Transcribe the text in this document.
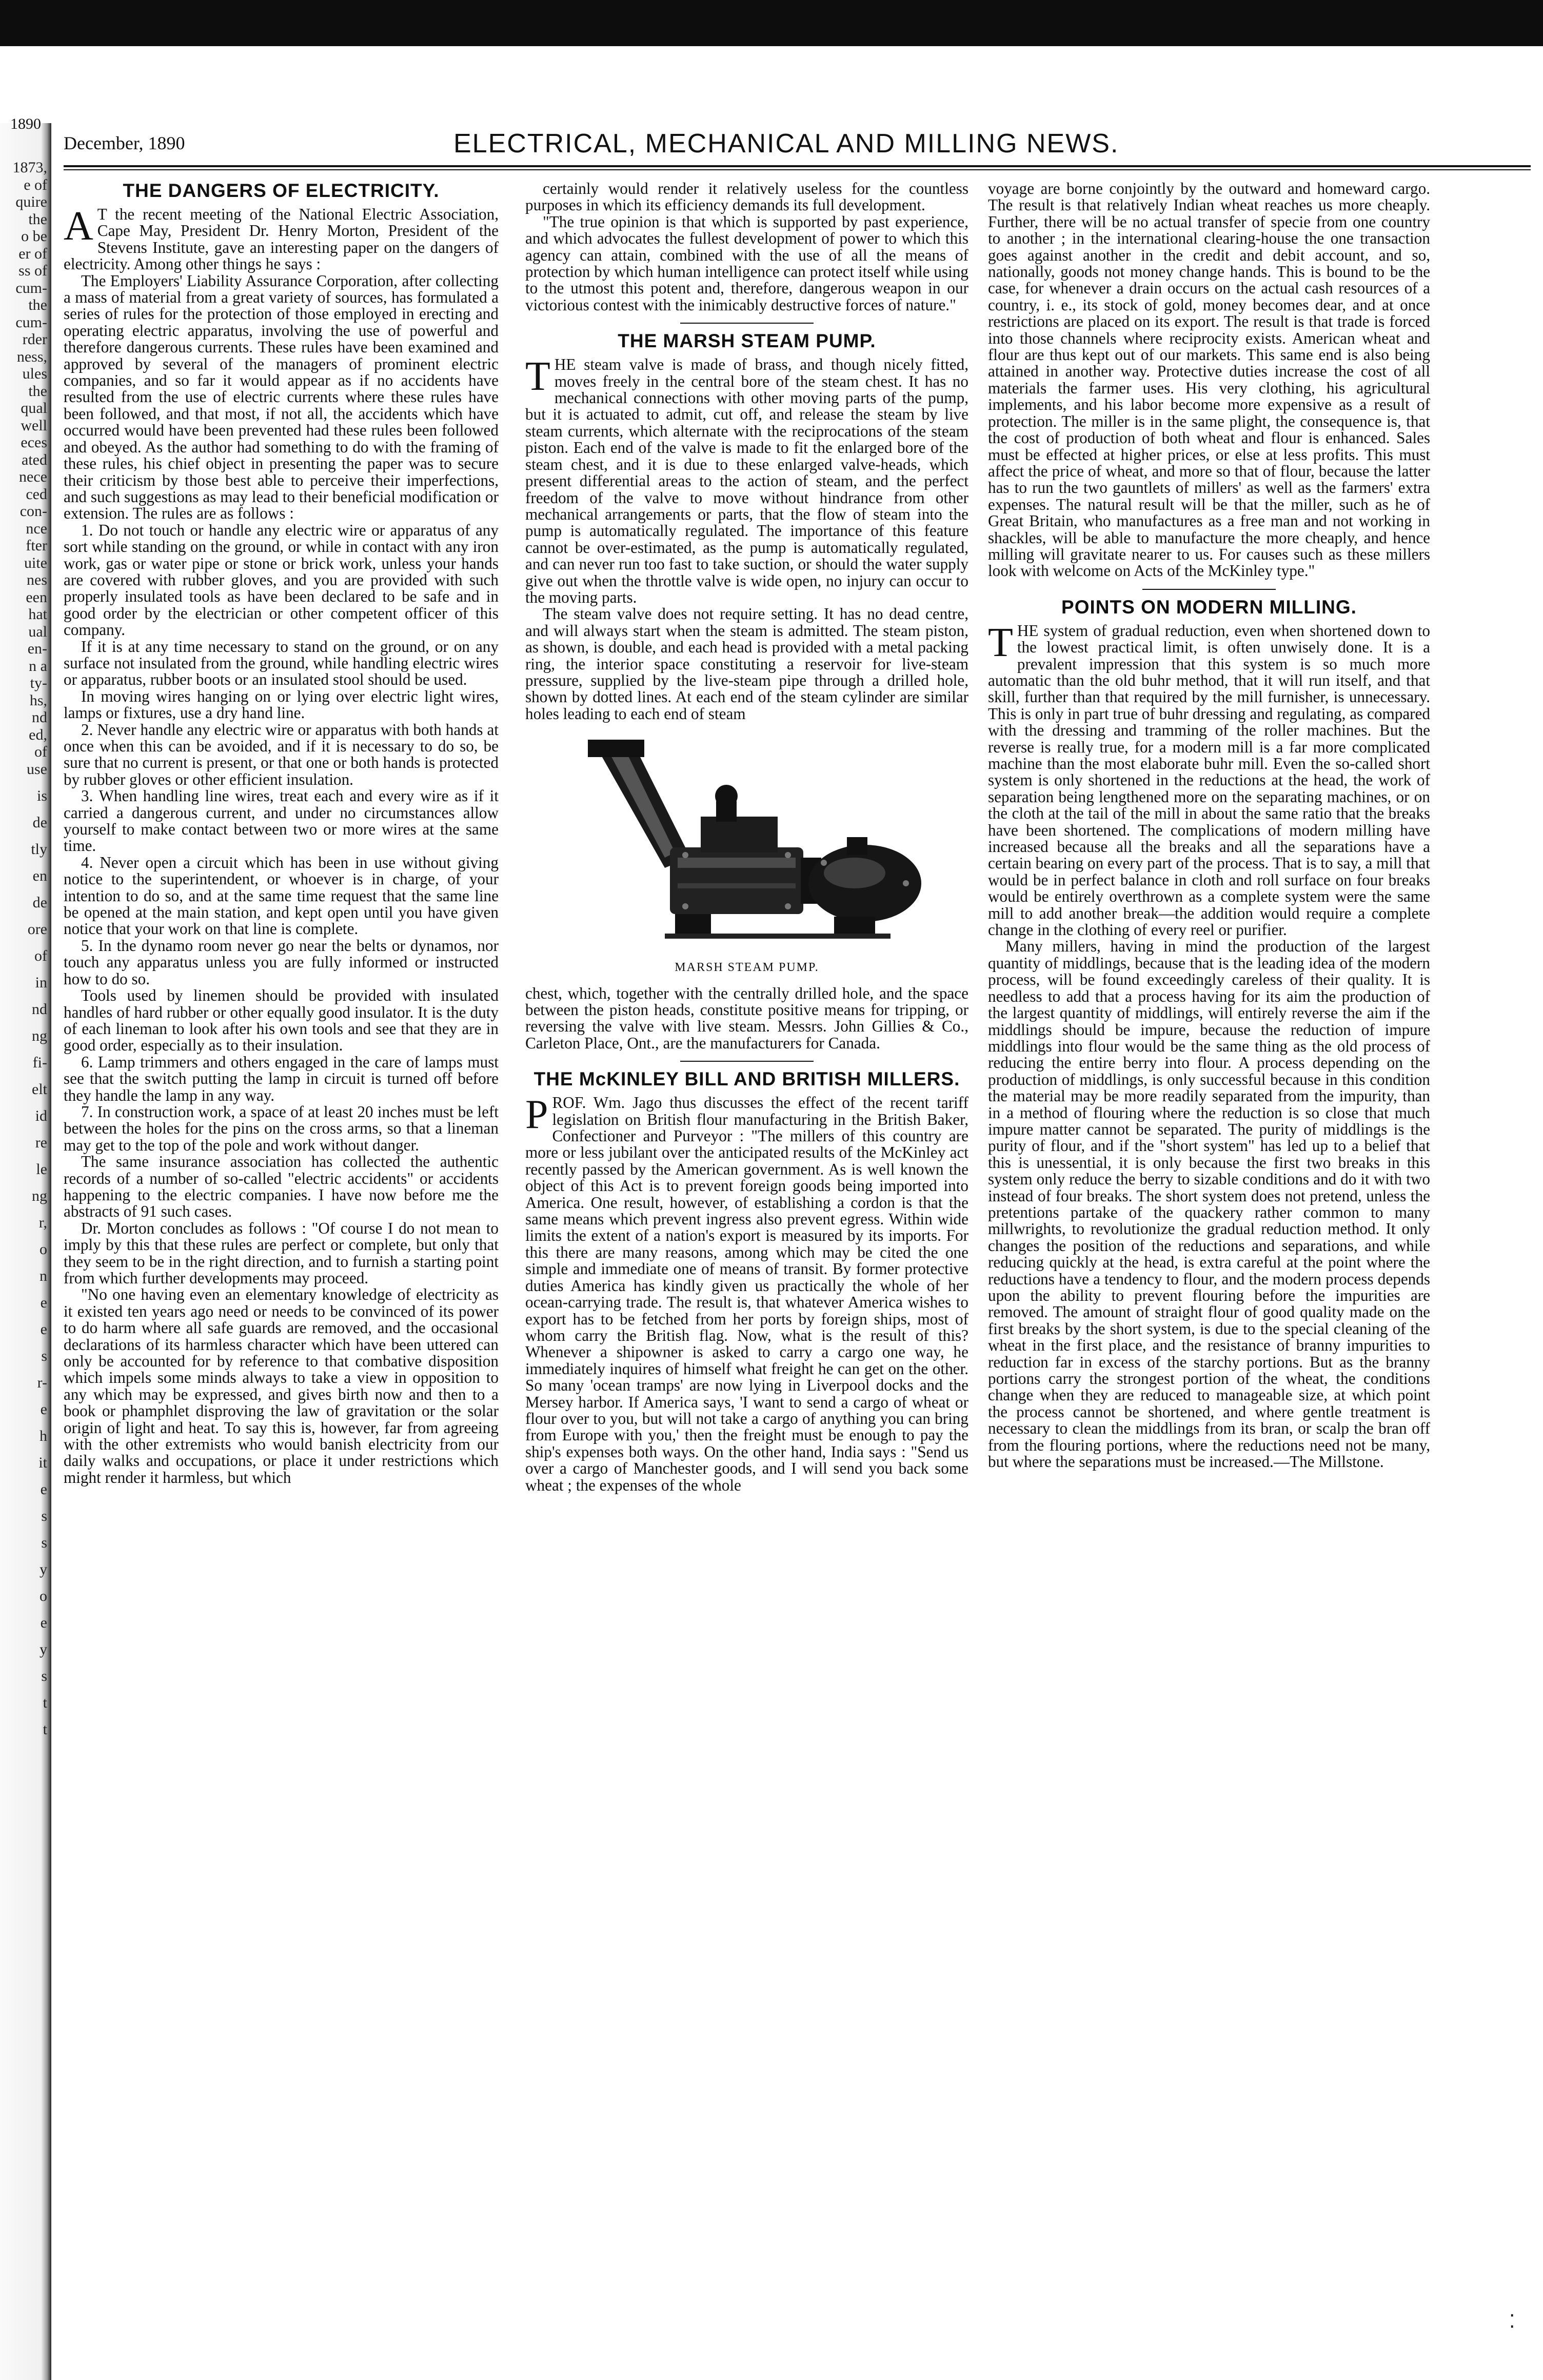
1890
1873,
e of
quire
the
o be
er of
ss of
cum-
the
cum-
rder
ness,
ules
the
qual
well
eces
ated
nece
ced
con-
nce
fter
uite
nes
een
hat
ual
en-
n a
ty-
hs,
nd
ed,
of
use
is
de
tly
en
de
ore
of
in
nd
ng
fi-
elt
id
re
le
ng
r,
o
n
e
e
s
r-
e
h
it
e
s
s
y
o
e
y
s
t
t
December, 1890	ELECTRICAL, MECHANICAL AND MILLING NEWS.
THE DANGERS OF ELECTRICITY.

A T the recent meeting of the National Electric Association, Cape May, President Dr. Henry Morton, President of the Stevens Institute, gave an interesting paper on the dangers of electricity. Among other things he says :

The Employers' Liability Assurance Corporation, after collecting a mass of material from a great variety of sources, has formulated a series of rules for the protection of those employed in erecting and operating electric apparatus, involving the use of powerful and therefore dangerous currents. These rules have been examined and approved by several of the managers of prominent electric companies, and so far it would appear as if no accidents have resulted from the use of electric currents where these rules have been followed, and that most, if not all, the accidents which have occurred would have been prevented had these rules been followed and obeyed. As the author had something to do with the framing of these rules, his chief object in presenting the paper was to secure their criticism by those best able to perceive their imperfections, and such suggestions as may lead to their beneficial modification or extension. The rules are as follows :

1. Do not touch or handle any electric wire or apparatus of any sort while standing on the ground, or while in contact with any iron work, gas or water pipe or stone or brick work, unless your hands are covered with rubber gloves, and you are provided with such properly insulated tools as have been declared to be safe and in good order by the electrician or other competent officer of this company.

If it is at any time necessary to stand on the ground, or on any surface not insulated from the ground, while handling electric wires or apparatus, rubber boots or an insulated stool should be used.

In moving wires hanging on or lying over electric light wires, lamps or fixtures, use a dry hand line.

2. Never handle any electric wire or apparatus with both hands at once when this can be avoided, and if it is necessary to do so, be sure that no current is present, or that one or both hands is protected by rubber gloves or other efficient insulation.

3. When handling line wires, treat each and every wire as if it carried a dangerous current, and under no circumstances allow yourself to make contact between two or more wires at the same time.

4. Never open a circuit which has been in use without giving notice to the superintendent, or whoever is in charge, of your intention to do so, and at the same time request that the same line be opened at the main station, and kept open until you have given notice that your work on that line is complete.

5. In the dynamo room never go near the belts or dynamos, nor touch any apparatus unless you are fully informed or instructed how to do so.

Tools used by linemen should be provided with insulated handles of hard rubber or other equally good insulator. It is the duty of each lineman to look after his own tools and see that they are in good order, especially as to their insulation.

6. Lamp trimmers and others engaged in the care of lamps must see that the switch putting the lamp in circuit is turned off before they handle the lamp in any way.

7. In construction work, a space of at least 20 inches must be left between the holes for the pins on the cross arms, so that a lineman may get to the top of the pole and work without danger.

The same insurance association has collected the authentic records of a number of so-called "electric accidents" or accidents happening to the electric companies. I have now before me the abstracts of 91 such cases.

Dr. Morton concludes as follows : "Of course I do not mean to imply by this that these rules are perfect or complete, but only that they seem to be in the right direction, and to furnish a starting point from which further developments may proceed.

"No one having even an elementary knowledge of electricity as it existed ten years ago need or needs to be convinced of its power to do harm where all safe guards are removed, and the occasional declarations of its harmless character which have been uttered can only be accounted for by reference to that combative disposition which impels some minds always to take a view in opposition to any which may be expressed, and gives birth now and then to a book or phamphlet disproving the law of gravitation or the solar origin of light and heat. To say this is, however, far from agreeing with the other extremists who would banish electricity from our daily walks and occupations, or place it under restrictions which might render it harmless, but which

certainly would render it relatively useless for the countless purposes in which its efficiency demands its full development.

"The true opinion is that which is supported by past experience, and which advocates the fullest development of power to which this agency can attain, combined with the use of all the means of protection by which human intelligence can protect itself while using to the utmost this potent and, therefore, dangerous weapon in our victorious contest with the inimicably destructive forces of nature."

THE MARSH STEAM PUMP.

THE steam valve is made of brass, and though nicely fitted, moves freely in the central bore of the steam chest. It has no mechanical connections with other moving parts of the pump, but it is actuated to admit, cut off, and release the steam by live steam currents, which alternate with the reciprocations of the steam piston. Each end of the valve is made to fit the enlarged bore of the steam chest, and it is due to these enlarged valve-heads, which present differential areas to the action of steam, and the perfect freedom of the valve to move without hindrance from other mechanical arrangements or parts, that the flow of steam into the pump is automatically regulated. The importance of this feature cannot be over-estimated, as the pump is automatically regulated, and can never run too fast to take suction, or should the water supply give out when the throttle valve is wide open, no injury can occur to the moving parts.

The steam valve does not require setting. It has no dead centre, and will always start when the steam is admitted. The steam piston, as shown, is double, and each head is provided with a metal packing ring, the interior space constituting a reservoir for live-steam pressure, supplied by the live-steam pipe through a drilled hole, shown by dotted lines. At each end of the steam cylinder are similar holes leading to each end of steam

MARSH STEAM PUMP.

chest, which, together with the centrally drilled hole, and the space between the piston heads, constitute positive means for tripping, or reversing the valve with live steam. Messrs. John Gillies & Co., Carleton Place, Ont., are the manufacturers for Canada.

THE McKINLEY BILL AND BRITISH MILLERS.

PROF. Wm. Jago thus discusses the effect of the recent tariff legislation on British flour manufacturing in the British Baker, Confectioner and Purveyor : "The millers of this country are more or less jubilant over the anticipated results of the McKinley act recently passed by the American government. As is well known the object of this Act is to prevent foreign goods being imported into America. One result, however, of establishing a cordon is that the same means which prevent ingress also prevent egress. Within wide limits the extent of a nation's export is measured by its imports. For this there are many reasons, among which may be cited the one simple and immediate one of means of transit. By former protective duties America has kindly given us practically the whole of her ocean-carrying trade. The result is, that whatever America wishes to export has to be fetched from her ports by foreign ships, most of whom carry the British flag. Now, what is the result of this? Whenever a shipowner is asked to carry a cargo one way, he immediately inquires of himself what freight he can get on the other. So many 'ocean tramps' are now lying in Liverpool docks and the Mersey harbor. If America says, 'I want to send a cargo of wheat or flour over to you, but will not take a cargo of anything you can bring from Europe with you,' then the freight must be enough to pay the ship's expenses both ways. On the other hand, India says : "Send us over a cargo of Manchester goods, and I will send you back some wheat ; the expenses of the whole

voyage are borne conjointly by the outward and homeward cargo. The result is that relatively Indian wheat reaches us more cheaply. Further, there will be no actual transfer of specie from one country to another ; in the international clearing-house the one transaction goes against another in the credit and debit account, and so, nationally, goods not money change hands. This is bound to be the case, for whenever a drain occurs on the actual cash resources of a country, i. e., its stock of gold, money becomes dear, and at once restrictions are placed on its export. The result is that trade is forced into those channels where reciprocity exists. American wheat and flour are thus kept out of our markets. This same end is also being attained in another way. Protective duties increase the cost of all materials the farmer uses. His very clothing, his agricultural implements, and his labor become more expensive as a result of protection. The miller is in the same plight, the consequence is, that the cost of production of both wheat and flour is enhanced. Sales must be effected at higher prices, or else at less profits. This must affect the price of wheat, and more so that of flour, because the latter has to run the two gauntlets of millers' as well as the farmers' extra expenses. The natural result will be that the miller, such as he of Great Britain, who manufactures as a free man and not working in shackles, will be able to manufacture the more cheaply, and hence milling will gravitate nearer to us. For causes such as these millers look with welcome on Acts of the McKinley type."

POINTS ON MODERN MILLING.

THE system of gradual reduction, even when shortened down to the lowest practical limit, is often unwisely done. It is a prevalent impression that this system is so much more automatic than the old buhr method, that it will run itself, and that skill, further than that required by the mill furnisher, is unnecessary. This is only in part true of buhr dressing and regulating, as compared with the dressing and tramming of the roller machines. But the reverse is really true, for a modern mill is a far more complicated machine than the most elaborate buhr mill. Even the so-called short system is only shortened in the reductions at the head, the work of separation being lengthened more on the separating machines, or on the cloth at the tail of the mill in about the same ratio that the breaks have been shortened. The complications of modern milling have increased because all the breaks and all the separations have a certain bearing on every part of the process. That is to say, a mill that would be in perfect balance in cloth and roll surface on four breaks would be entirely overthrown as a complete system were the same mill to add another break—the addition would require a complete change in the clothing of every reel or purifier.

Many millers, having in mind the production of the largest quantity of middlings, because that is the leading idea of the modern process, will be found exceedingly careless of their quality. It is needless to add that a process having for its aim the production of the largest quantity of middlings, will entirely reverse the aim if the middlings should be impure, because the reduction of impure middlings into flour would be the same thing as the old process of reducing the entire berry into flour. A process depending on the production of middlings, is only successful because in this condition the material may be more readily separated from the impurity, than in a method of flouring where the reduction is so close that much impure matter cannot be separated. The purity of middlings is the purity of flour, and if the "short system" has led up to a belief that this is unessential, it is only because the first two breaks in this system only reduce the berry to sizable conditions and do it with two instead of four breaks. The short system does not pretend, unless the pretentions partake of the quackery rather common to many millwrights, to revolutionize the gradual reduction method. It only changes the position of the reductions and separations, and while reducing quickly at the head, is extra careful at the point where the reductions have a tendency to flour, and the modern process depends upon the ability to prevent flouring before the impurities are removed. The amount of straight flour of good quality made on the first breaks by the short system, is due to the special cleaning of the wheat in the first place, and the resistance of branny impurities to reduction far in excess of the starchy portions. But as the branny portions carry the strongest portion of the wheat, the conditions change when they are reduced to manageable size, at which point the process cannot be shortened, and where gentle treatment is necessary to clean the middlings from its bran, or scalp the bran off from the flouring portions, where the reductions need not be many, but where the separations must be increased.—The Millstone.

⁚
